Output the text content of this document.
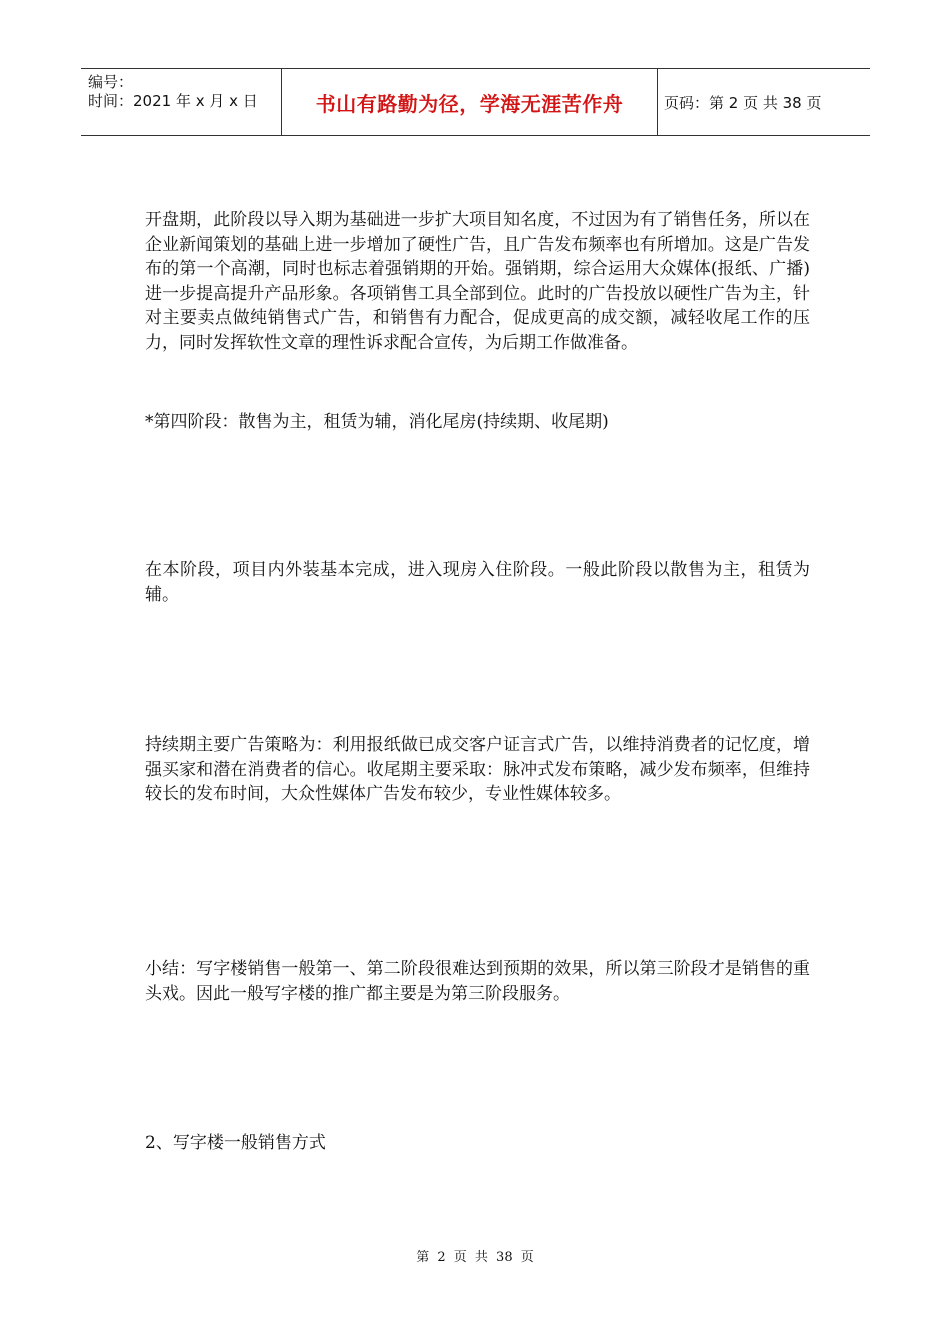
编号：
时间：2021 年 x 月 x 日	书山有路勤为径，学海无涯苦作舟	页码：第 2 页 共 38 页

开盘期，此阶段以导入期为基础进一步扩大项目知名度，不过因为有了销售任务，所以在企业新闻策划的基础上进一步增加了硬性广告，且广告发布频率也有所增加。这是广告发布的第一个高潮，同时也标志着强销期的开始。强销期，综合运用大众媒体(报纸、广播)进一步提高提升产品形象。各项销售工具全部到位。此时的广告投放以硬性广告为主，针对主要卖点做纯销售式广告，和销售有力配合，促成更高的成交额，减轻收尾工作的压力，同时发挥软性文章的理性诉求配合宣传，为后期工作做准备。

*第四阶段：散售为主，租赁为辅，消化尾房(持续期、收尾期)

在本阶段，项目内外装基本完成，进入现房入住阶段。一般此阶段以散售为主，租赁为辅。

持续期主要广告策略为：利用报纸做已成交客户证言式广告，以维持消费者的记忆度，增强买家和潜在消费者的信心。收尾期主要采取：脉冲式发布策略，减少发布频率，但维持较长的发布时间，大众性媒体广告发布较少，专业性媒体较多。

小结：写字楼销售一般第一、第二阶段很难达到预期的效果，所以第三阶段才是销售的重头戏。因此一般写字楼的推广都主要是为第三阶段服务。

2、写字楼一般销售方式

第 2 页 共 38 页
